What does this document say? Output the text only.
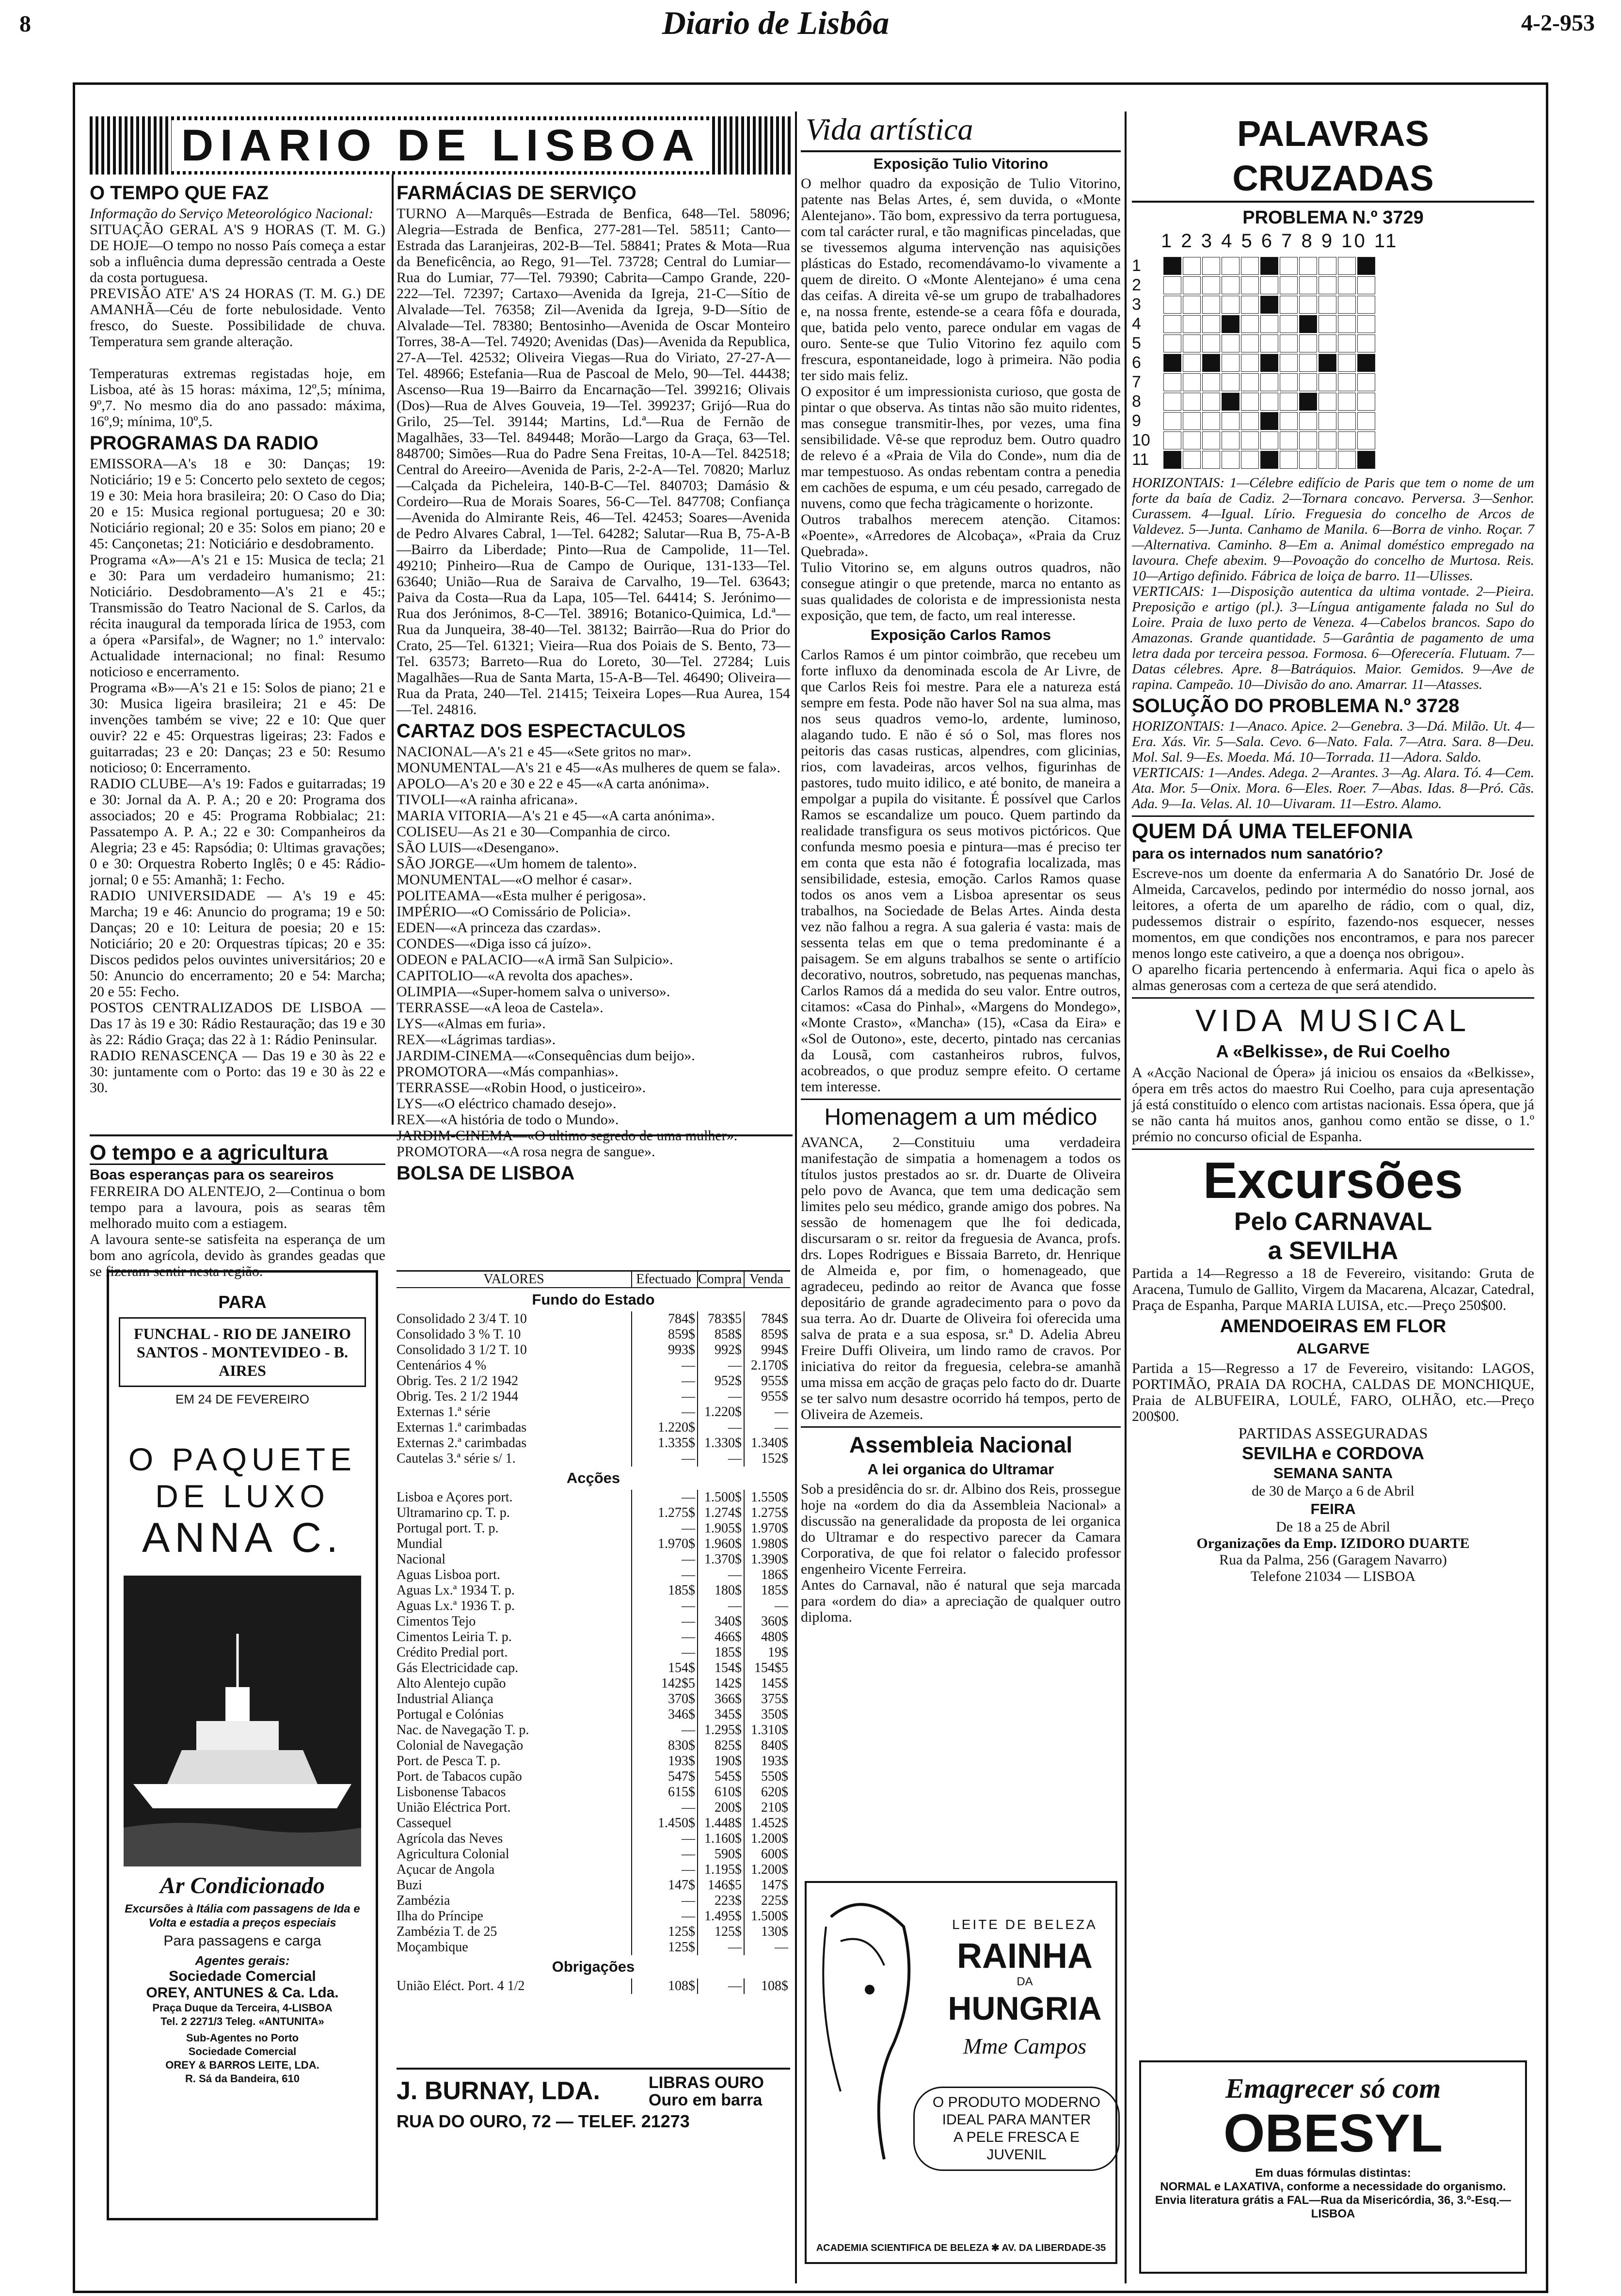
8	Diario de Lisbôa	4-2-953
DIARIO DE LISBOA
O TEMPO QUE FAZ

Informação do Serviço Meteorológico Nacional:

SITUAÇÃO GERAL A'S 9 HORAS (T. M. G.) DE HOJE—O tempo no nosso País começa a estar sob a influência duma depressão centrada a Oeste da costa portuguesa.
PREVISÃO ATE' A'S 24 HORAS (T. M. G.) DE AMANHÃ—Céu de forte nebulosidade. Vento fresco, do Sueste. Possibilidade de chuva. Temperatura sem grande alteração.

Temperaturas extremas registadas hoje, em Lisboa, até às 15 horas: máxima, 12º,5; mínima, 9º,7. No mesmo dia do ano passado: máxima, 16º,9; mínima, 10º,5.

PROGRAMAS DA RADIO

EMISSORA—A's 18 e 30: Danças; 19: Noticiário; 19 e 5: Concerto pelo sexteto de cegos; 19 e 30: Meia hora brasileira; 20: O Caso do Dia; 20 e 15: Musica regional portuguesa; 20 e 30: Noticiário regional; 20 e 35: Solos em piano; 20 e 45: Cançonetas; 21: Noticiário e desdobramento.
Programa «A»—A's 21 e 15: Musica de tecla; 21 e 30: Para um verdadeiro humanismo; 21: Noticiário. Desdobramento—A's 21 e 45:; Transmissão do Teatro Nacional de S. Carlos, da récita inaugural da temporada lírica de 1953, com a ópera «Parsifal», de Wagner; no 1.º intervalo: Actualidade internacional; no final: Resumo noticioso e encerramento.
Programa «B»—A's 21 e 15: Solos de piano; 21 e 30: Musica ligeira brasileira; 21 e 45: De invenções também se vive; 22 e 10: Que quer ouvir? 22 e 45: Orquestras ligeiras; 23: Fados e guitarradas; 23 e 20: Danças; 23 e 50: Resumo noticioso; 0: Encerramento.
RADIO CLUBE—A's 19: Fados e guitarradas; 19 e 30: Jornal da A. P. A.; 20 e 20: Programa dos associados; 20 e 45: Programa Robbialac; 21: Passatempo A. P. A.; 22 e 30: Companheiros da Alegria; 23 e 45: Rapsódia; 0: Ultimas gravações; 0 e 30: Orquestra Roberto Inglês; 0 e 45: Rádio-jornal; 0 e 55: Amanhã; 1: Fecho.
RADIO UNIVERSIDADE — A's 19 e 45: Marcha; 19 e 46: Anuncio do programa; 19 e 50: Danças; 20 e 10: Leitura de poesia; 20 e 15: Noticiário; 20 e 20: Orquestras típicas; 20 e 35: Discos pedidos pelos ouvintes universitários; 20 e 50: Anuncio do encerramento; 20 e 54: Marcha; 20 e 55: Fecho.
POSTOS CENTRALIZADOS DE LISBOA —Das 17 às 19 e 30: Rádio Restauração; das 19 e 30 às 22: Rádio Graça; das 22 à 1: Rádio Peninsular.
RADIO RENASCENÇA — Das 19 e 30 às 22 e 30: juntamente com o Porto: das 19 e 30 às 22 e 30.

O tempo e a agricultura
Boas esperanças para os seareiros

FERREIRA DO ALENTEJO, 2—Continua o bom tempo para a lavoura, pois as searas têm melhorado muito com a estiagem.
A lavoura sente-se satisfeita na esperança de um bom ano agrícola, devido às grandes geadas que se fizeram sentir nesta região.

PARA
FUNCHAL - RIO DE JANEIRO
SANTOS - MONTEVIDEO - B. AIRES
EM 24 DE FEVEREIRO
O PAQUETE
DE LUXO
ANNA C.
Ar Condicionado
Excursões à Itália com passagens de Ida e Volta e estadia a preços especiais
Para passagens e carga
Agentes gerais:
Sociedade Comercial
OREY, ANTUNES & Ca. Lda.
Praça Duque da Terceira, 4-LISBOA
Tel. 2 2271/3 Teleg. «ANTUNITA»
Sub-Agentes no Porto
Sociedade Comercial
OREY & BARROS LEITE, LDA.
R. Sá da Bandeira, 610
FARMÁCIAS DE SERVIÇO

TURNO A—Marquês—Estrada de Benfica, 648—Tel. 58096; Alegria—Estrada de Benfica, 277-281—Tel. 58511; Canto—Estrada das Laranjeiras, 202-B—Tel. 58841; Prates & Mota—Rua da Beneficência, ao Rego, 91—Tel. 73728; Central do Lumiar—Rua do Lumiar, 77—Tel. 79390; Cabrita—Campo Grande, 220-222—Tel. 72397; Cartaxo—Avenida da Igreja, 21-C—Sítio de Alvalade—Tel. 76358; Zil—Avenida da Igreja, 9-D—Sítio de Alvalade—Tel. 78380; Bentosinho—Avenida de Oscar Monteiro Torres, 38-A—Tel. 74920; Avenidas (Das)—Avenida da Republica, 27-A—Tel. 42532; Oliveira Viegas—Rua do Viriato, 27-27-A—Tel. 48966; Estefania—Rua de Pascoal de Melo, 90—Tel. 44438; Ascenso—Rua 19—Bairro da Encarnação—Tel. 399216; Olivais (Dos)—Rua de Alves Gouveia, 19—Tel. 399237; Grijó—Rua do Grilo, 25—Tel. 39144; Martins, Ld.ª—Rua de Fernão de Magalhães, 33—Tel. 849448; Morão—Largo da Graça, 63—Tel. 848700; Simões—Rua do Padre Sena Freitas, 10-A—Tel. 842518; Central do Areeiro—Avenida de Paris, 2-2-A—Tel. 70820; Marluz—Calçada da Picheleira, 140-B-C—Tel. 840703; Damásio & Cordeiro—Rua de Morais Soares, 56-C—Tel. 847708; Confiança—Avenida do Almirante Reis, 46—Tel. 42453; Soares—Avenida de Pedro Alvares Cabral, 1—Tel. 64282; Salutar—Rua B, 75-A-B—Bairro da Liberdade; Pinto—Rua de Campolide, 11—Tel. 49210; Pinheiro—Rua de Campo de Ourique, 131-133—Tel. 63640; União—Rua de Saraiva de Carvalho, 19—Tel. 63643; Paiva da Costa—Rua da Lapa, 105—Tel. 64414; S. Jerónimo—Rua dos Jerónimos, 8-C—Tel. 38916; Botanico-Quimica, Ld.ª—Rua da Junqueira, 38-40—Tel. 38132; Bairrão—Rua do Prior do Crato, 25—Tel. 61321; Vieira—Rua dos Poiais de S. Bento, 73—Tel. 63573; Barreto—Rua do Loreto, 30—Tel. 27284; Luis Magalhães—Rua de Santa Marta, 15-A-B—Tel. 46490; Oliveira—Rua da Prata, 240—Tel. 21415; Teixeira Lopes—Rua Aurea, 154—Tel. 24816.

CARTAZ DOS ESPECTACULOS

NACIONAL—A's 21 e 45—«Sete gritos no mar».
MONUMENTAL—A's 21 e 45—«As mulheres de quem se fala».
APOLO—A's 20 e 30 e 22 e 45—«A carta anónima».
TIVOLI—«A rainha africana».
MARIA VITORIA—A's 21 e 45—«A carta anónima».
COLISEU—As 21 e 30—Companhia de circo.
SÃO LUIS—«Desengano».
SÃO JORGE—«Um homem de talento».
MONUMENTAL—«O melhor é casar».
POLITEAMA—«Esta mulher é perigosa».
IMPÉRIO—«O Comissário de Policia».
EDEN—«A princeza das czardas».
CONDES—«Diga isso cá juízo».
ODEON e PALACIO—«A irmã San Sulpicio».
CAPITOLIO—«A revolta dos apaches».
OLIMPIA—«Super-homem salva o universo».
TERRASSE—«A leoa de Castela».
LYS—«Almas em furia».
REX—«Lágrimas tardias».
JARDIM-CINEMA—«Consequências dum beijo».
PROMOTORA—«Más companhias».
TERRASSE—«Robin Hood, o justiceiro».
LYS—«O eléctrico chamado desejo».
REX—«A história de todo o Mundo».
JARDIM-CINEMA—«O ultimo segredo de uma mulher».
PROMOTORA—«A rosa negra de sangue».

BOLSA DE LISBOA
VALORES	Efectuado Compra Venda
Fundo do Estado
Consolidado 2 3/4 T. 10	784$ 783$5	784$
Consolidado 3 % T. 10	859$	858$	859$
Consolidado 3 1/2 T. 10	993$	992$	994$
Centenários 4 %	—	— 2.170$
Obrig. Tes. 2 1/2 1942	—	952$	955$
Obrig. Tes. 2 1/2 1944	—	—	955$
Externas 1.ª série	— 1.220$	—
Externas 1.ª carimbadas	1.220$	—	—
Externas 2.ª carimbadas	1.335$ 1.330$ 1.340$
Cautelas 3.ª série s/ 1.	—	—	152$
Acções
Lisboa e Açores port.	— 1.500$ 1.550$
Ultramarino cp. T. p.	1.275$ 1.274$ 1.275$
Portugal port. T. p.	— 1.905$ 1.970$
Mundial	1.970$ 1.960$ 1.980$
Nacional	— 1.370$ 1.390$
Aguas Lisboa port.	—	—	186$
Aguas Lx.ª 1934 T. p.	185$	180$	185$
Aguas Lx.ª 1936 T. p.	—	—	—
Cimentos Tejo	—	340$	360$
Cimentos Leiria T. p.	—	466$	480$
Crédito Predial port.	—	185$	19$
Gás Electricidade cap.	154$	154$ 154$5
Alto Alentejo cupão	142$5	142$	145$
Industrial Aliança	370$	366$	375$
Portugal e Colónias	346$	345$	350$
Nac. de Navegação T. p.	— 1.295$ 1.310$
Colonial de Navegação	830$	825$	840$
Port. de Pesca T. p.	193$	190$	193$
Port. de Tabacos cupão	547$	545$	550$
Lisbonense Tabacos	615$	610$	620$
União Eléctrica Port.	—	200$	210$
Cassequel	1.450$ 1.448$ 1.452$
Agrícola das Neves	— 1.160$ 1.200$
Agricultura Colonial	—	590$	600$
Açucar de Angola	— 1.195$ 1.200$
Buzi	147$ 146$5	147$
Zambézia	—	223$	225$
Ilha do Príncipe	— 1.495$ 1.500$
Zambézia T. de 25	125$	125$	130$
Moçambique	125$	—	—
Obrigações
União Eléct. Port. 4 1/2	108$	—	108$
J. BURNAY, LDA.	LIBRAS OURO
Ouro em barra
RUA DO OURO, 72 — TELEF. 21273
Vida artística
Exposição Tulio Vitorino

O melhor quadro da exposição de Tulio Vitorino, patente nas Belas Artes, é, sem duvida, o «Monte Alentejano». Tão bom, expressivo da terra portuguesa, com tal carácter rural, e tão magnificas pinceladas, que se tivessemos alguma intervenção nas aquisições plásticas do Estado, recomendávamo-lo vivamente a quem de direito. O «Monte Alentejano» é uma cena das ceifas. A direita vê-se um grupo de trabalhadores e, na nossa frente, estende-se a ceara fôfa e dourada, que, batida pelo vento, parece ondular em vagas de ouro. Sente-se que Tulio Vitorino fez aquilo com frescura, espontaneidade, logo à primeira. Não podia ter sido mais feliz.
O expositor é um impressionista curioso, que gosta de pintar o que observa. As tintas não são muito ridentes, mas consegue transmitir-lhes, por vezes, uma fina sensibilidade. Vê-se que reproduz bem. Outro quadro de relevo é a «Praia de Vila do Conde», num dia de mar tempestuoso. As ondas rebentam contra a penedia em cachões de espuma, e um céu pesado, carregado de nuvens, como que fecha tràgicamente o horizonte.
Outros trabalhos merecem atenção. Citamos: «Poente», «Arredores de Alcobaça», «Praia da Cruz Quebrada».
Tulio Vitorino se, em alguns outros quadros, não consegue atingir o que pretende, marca no entanto as suas qualidades de colorista e de impressionista nesta exposição, que tem, de facto, um real interesse.

Exposição Carlos Ramos

Carlos Ramos é um pintor coimbrão, que recebeu um forte influxo da denominada escola de Ar Livre, de que Carlos Reis foi mestre. Para ele a natureza está sempre em festa. Pode não haver Sol na sua alma, mas nos seus quadros vemo-lo, ardente, luminoso, alagando tudo. E não é só o Sol, mas flores nos peitoris das casas rusticas, alpendres, com glicinias, rios, com lavadeiras, arcos velhos, figurinhas de pastores, tudo muito idilico, e até bonito, de maneira a empolgar a pupila do visitante. É possível que Carlos Ramos se escandalize um pouco. Quem partindo da realidade transfigura os seus motivos pictóricos. Que confunda mesmo poesia e pintura—mas é preciso ter em conta que esta não é fotografia localizada, mas sensibilidade, estesia, emoção. Carlos Ramos quase todos os anos vem a Lisboa apresentar os seus trabalhos, na Sociedade de Belas Artes. Ainda desta vez não falhou a regra. A sua galeria é vasta: mais de sessenta telas em que o tema predominante é a paisagem. Se em alguns trabalhos se sente o artifício decorativo, noutros, sobretudo, nas pequenas manchas, Carlos Ramos dá a medida do seu valor. Entre outros, citamos: «Casa do Pinhal», «Margens do Mondego», «Monte Crasto», «Mancha» (15), «Casa da Eira» e «Sol de Outono», este, decerto, pintado nas cercanias da Lousã, com castanheiros rubros, fulvos, acobreados, o que produz sempre efeito. O certame tem interesse.

Homenagem a um médico

AVANCA, 2—Constituiu uma verdadeira manifestação de simpatia a homenagem a todos os títulos justos prestados ao sr. dr. Duarte de Oliveira pelo povo de Avanca, que tem uma dedicação sem limites pelo seu médico, grande amigo dos pobres. Na sessão de homenagem que lhe foi dedicada, discursaram o sr. reitor da freguesia de Avanca, profs. drs. Lopes Rodrigues e Bissaia Barreto, dr. Henrique de Almeida e, por fim, o homenageado, que agradeceu, pedindo ao reitor de Avanca que fosse depositário de grande agradecimento para o povo da sua terra. Ao dr. Duarte de Oliveira foi oferecida uma salva de prata e a sua esposa, sr.ª D. Adelia Abreu Freire Duffi Oliveira, um lindo ramo de cravos. Por iniciativa do reitor da freguesia, celebra-se amanhã uma missa em acção de graças pelo facto do dr. Duarte se ter salvo num desastre ocorrido há tempos, perto de Oliveira de Azemeis.

Assembleia Nacional
A lei organica do Ultramar

Sob a presidência do sr. dr. Albino dos Reis, prossegue hoje na «ordem do dia da Assembleia Nacional» a discussão na generalidade da proposta de lei organica do Ultramar e do respectivo parecer da Camara Corporativa, de que foi relator o falecido professor engenheiro Vicente Ferreira.
Antes do Carnaval, não é natural que seja marcada para «ordem do dia» a apreciação de qualquer outro diploma.

LEITE DE BELEZA
RAINHA
DA
HUNGRIA
Mme Campos
O PRODUTO MODERNO
IDEAL PARA MANTER
A PELE FRESCA E
JUVENIL
ACADEMIA SCIENTIFICA DE BELEZA ✱ AV. DA LIBERDADE-35
PALAVRAS CRUZADAS
PROBLEMA N.º 3729
1 2 3 4 5 6 7 8 9 10 11
1
2
3
4
5
6
7
8
9
10
11

HORIZONTAIS: 1—Célebre edifício de Paris que tem o nome de um forte da baía de Cadiz. 2—Tornara concavo. Perversa. 3—Senhor. Curassem. 4—Igual. Lírio. Freguesia do concelho de Arcos de Valdevez. 5—Junta. Canhamo de Manila. 6—Borra de vinho. Roçar. 7—Alternativa. Caminho. 8—Em a. Animal doméstico empregado na lavoura. Chefe abexim. 9—Povoação do concelho de Murtosa. Reis. 10—Artigo definido. Fábrica de loiça de barro. 11—Ulisses.
VERTICAIS: 1—Disposição autentica da ultima vontade. 2—Pieira. Preposição e artigo (pl.). 3—Língua antigamente falada no Sul do Loire. Praia de luxo perto de Veneza. 4—Cabelos brancos. Sapo do Amazonas. Grande quantidade. 5—Garântia de pagamento de uma letra dada por terceira pessoa. Formosa. 6—Oferecería. Flutuam. 7—Datas célebres. Apre. 8—Batráquios. Maior. Gemidos. 9—Ave de rapina. Campeão. 10—Divisão do ano. Amarrar. 11—Atasses.

SOLUÇÃO DO PROBLEMA N.º 3728

HORIZONTAIS: 1—Anaco. Apice. 2—Genebra. 3—Dá. Milão. Ut. 4—Era. Xás. Vir. 5—Sala. Cevo. 6—Nato. Fala. 7—Atra. Sara. 8—Deu. Mol. Sal. 9—Es. Moeda. Má. 10—Torrada. 11—Adora. Saldo.
VERTICAIS: 1—Andes. Adega. 2—Arantes. 3—Ag. Alara. Tó. 4—Cem. Ata. Mor. 5—Onix. Mora. 6—Eles. Roer. 7—Abas. Idas. 8—Pró. Cãs. Ada. 9—Ia. Velas. Al. 10—Uivaram. 11—Estro. Alamo.

QUEM DÁ UMA TELEFONIA
para os internados num sanatório?

Escreve-nos um doente da enfermaria A do Sanatório Dr. José de Almeida, Carcavelos, pedindo por intermédio do nosso jornal, aos leitores, a oferta de um aparelho de rádio, com o qual, diz, pudessemos distrair o espírito, fazendo-nos esquecer, nesses momentos, em que condições nos encontramos, e para nos parecer menos longo este cativeiro, a que a doença nos obrigou».
O aparelho ficaria pertencendo à enfermaria. Aqui fica o apelo às almas generosas com a certeza de que será atendido.

VIDA MUSICAL
A «Belkisse», de Rui Coelho

A «Acção Nacional de Ópera» já iniciou os ensaios da «Belkisse», ópera em três actos do maestro Rui Coelho, para cuja apresentação já está constituído o elenco com artistas nacionais. Essa ópera, que já se não canta há muitos anos, ganhou como então se disse, o 1.º prémio no concurso oficial de Espanha.

Excursões
Pelo CARNAVAL
a SEVILHA

Partida a 14—Regresso a 18 de Fevereiro, visitando: Gruta de Aracena, Tumulo de Gallito, Virgem da Macarena, Alcazar, Catedral, Praça de Espanha, Parque MARIA LUISA, etc.—Preço 250$00.

AMENDOEIRAS EM FLOR
ALGARVE

Partida a 15—Regresso a 17 de Fevereiro, visitando: LAGOS, PORTIMÃO, PRAIA DA ROCHA, CALDAS DE MONCHIQUE, Praia de ALBUFEIRA, LOULÉ, FARO, OLHÃO, etc.—Preço 200$00.

PARTIDAS ASSEGURADAS
SEVILHA e CORDOVA
SEMANA SANTA
de 30 de Março a 6 de Abril
FEIRA
De 18 a 25 de Abril
Organizações da Emp. IZIDORO DUARTE
Rua da Palma, 256 (Garagem Navarro)
Telefone 21034 — LISBOA
Emagrecer só com
OBESYL
Em duas fórmulas distintas:
NORMAL e LAXATIVA, conforme a necessidade do organismo.
Envia literatura grátis a FAL—Rua da Misericórdia, 36, 3.º-Esq.—LISBOA
